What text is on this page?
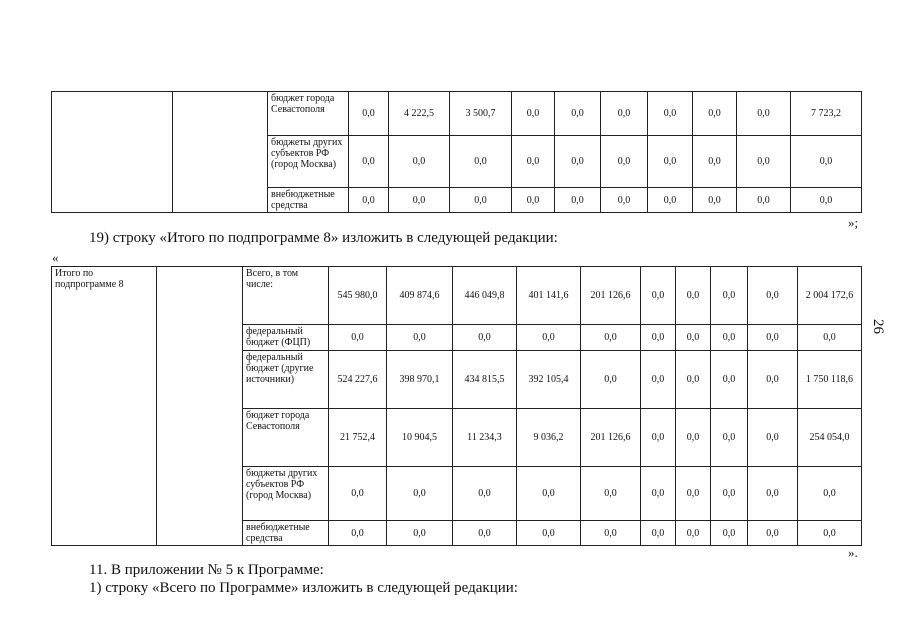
		бюджет города Севастополя	0,0	4 222,5	3 500,7	0,0	0,0	0,0	0,0	0,0	0,0	7 723,2
		бюджеты других субъектов РФ (город Москва)	0,0	0,0	0,0	0,0	0,0	0,0	0,0	0,0	0,0	0,0
		внебюджетные средства	0,0	0,0	0,0	0,0	0,0	0,0	0,0	0,0	0,0	0,0
»;
19) строку «Итого по подпрограмме 8» изложить в следующей редакции:
«
Итого по подпрограмме 8		Всего, в том числе:	545 980,0	409 874,6	446 049,8	401 141,6	201 126,6	0,0	0,0	0,0	0,0	2 004 172,6
		федеральный бюджет (ФЦП)	0,0	0,0	0,0	0,0	0,0	0,0	0,0	0,0	0,0	0,0
		федеральный бюджет (другие источники)	524 227,6	398 970,1	434 815,5	392 105,4	0,0	0,0	0,0	0,0	0,0	1 750 118,6
		бюджет города Севастополя	21 752,4	10 904,5	11 234,3	9 036,2	201 126,6	0,0	0,0	0,0	0,0	254 054,0
		бюджеты других субъектов РФ (город Москва)	0,0	0,0	0,0	0,0	0,0	0,0	0,0	0,0	0,0	0,0
		внебюджетные средства	0,0	0,0	0,0	0,0	0,0	0,0	0,0	0,0	0,0	0,0
».
11. В приложении № 5 к Программе:
1) строку «Всего по Программе» изложить в следующей редакции:
26
